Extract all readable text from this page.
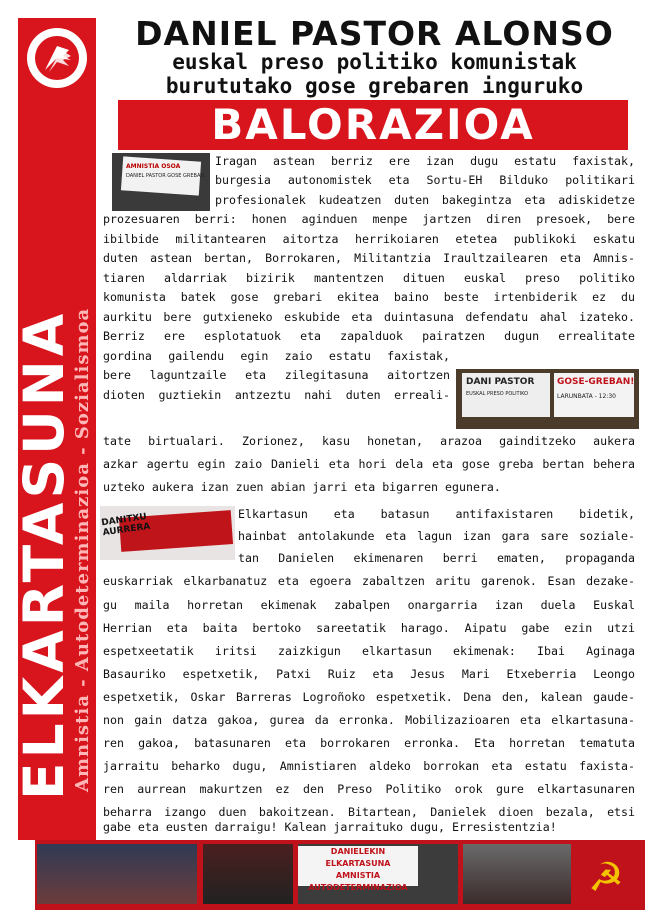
ELKARTASUNA
Amnistia - Autodeterminazioa - Sozialismoa
DANIEL PASTOR ALONSO
euskal preso politiko komunistak
burututako gose grebaren inguruko
BALORAZIOA
AMNISTIA OSOA
DANIEL PASTOR GOSE GREBAN
DANI PASTOR
EUSKAL PRESO POLITIKO
GOSE-GREBAN!
LARUNBATA - 12:30
DANITXU AURRERA
Iragan astean berriz ere izan dugu estatu faxistak,
burgesia autonomistek eta Sortu-EH Bilduko politikari
profesionalek kudeatzen duten bakegintza eta adiskidetze
prozesuaren berri: honen aginduen menpe jartzen diren presoek, bere
ibilbide militantearen aitortza herrikoiaren etetea publikoki eskatu
duten astean bertan, Borrokaren, Militantzia Iraultzailearen eta Amnis-
tiaren aldarriak bizirik mantentzen dituen euskal preso politiko
komunista batek gose grebari ekitea baino beste irtenbiderik ez du
aurkitu bere gutxieneko eskubide eta duintasuna defendatu ahal izateko.
Berriz ere esplotatuok eta zapalduok pairatzen dugun errealitate
gordina gailendu egin zaio estatu faxistak,
bere laguntzaile eta zilegitasuna aitortzen
dioten guztiekin antzeztu nahi duten erreali-
tate birtualari. Zorionez, kasu honetan, arazoa gainditzeko aukera
azkar agertu egin zaio Danieli eta hori dela eta gose greba bertan behera
uzteko aukera izan zuen abian jarri eta bigarren egunera.
Elkartasun eta batasun antifaxistaren bidetik,
hainbat antolakunde eta lagun izan gara sare soziale-
tan Danielen ekimenaren berri ematen, propaganda
euskarriak elkarbanatuz eta egoera zabaltzen aritu garenok. Esan dezake-
gu maila horretan ekimenak zabalpen onargarria izan duela Euskal
Herrian eta baita bertoko sareetatik harago. Aipatu gabe ezin utzi
espetxeetatik iritsi zaizkigun elkartasun ekimenak: Ibai Aginaga
Basauriko espetxetik, Patxi Ruiz eta Jesus Mari Etxeberria Leongo
espetxetik, Oskar Barreras Logroñoko espetxetik. Dena den, kalean gaude-
non gain datza gakoa, gurea da erronka. Mobilizazioaren eta elkartasuna-
ren gakoa, batasunaren eta borrokaren erronka. Eta horretan tematuta
jarraitu beharko dugu, Amnistiaren aldeko borrokan eta estatu faxista-
ren aurrean makurtzen ez den Preso Politiko orok gure elkartasunaren
beharra izango duen bakoitzean. Bitartean, Danielek dioen bezala, etsi
gabe eta eusten darraigu! Kalean jarraituko dugu, Erresistentzia!
DANIELEKIN ELKARTASUNA
AMNISTIA
AUTODETERMINAZIOA	☭
